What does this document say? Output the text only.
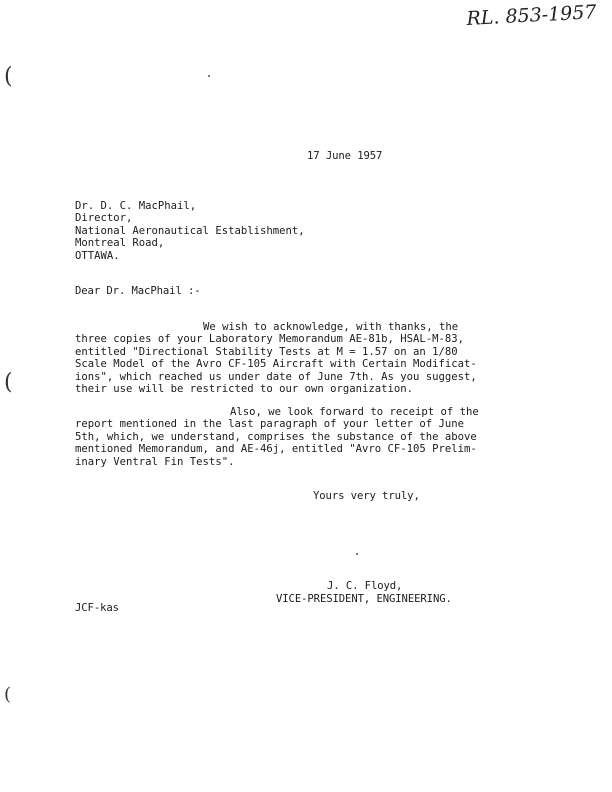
RL. 853-1957
(
(
(
17 June 1957
Dr. D. C. MacPhail,
Director,
National Aeronautical Establishment,
Montreal Road,
OTTAWA.
Dear Dr. MacPhail :-
We wish to acknowledge, with thanks, the
three copies of your Laboratory Memorandum AE-81b, HSAL-M-83,
entitled "Directional Stability Tests at M = 1.57 on an 1/80
Scale Model of the Avro CF-105 Aircraft with Certain Modificat-
ions", which reached us under date of June 7th. As you suggest,
their use will be restricted to our own organization.
Also, we look forward to receipt of the
report mentioned in the last paragraph of your letter of June
5th, which, we understand, comprises the substance of the above
mentioned Memorandum, and AE-46j, entitled "Avro CF-105 Prelim-
inary Ventral Fin Tests".
Yours very truly,
J. C. Floyd,
VICE-PRESIDENT, ENGINEERING.
JCF-kas
